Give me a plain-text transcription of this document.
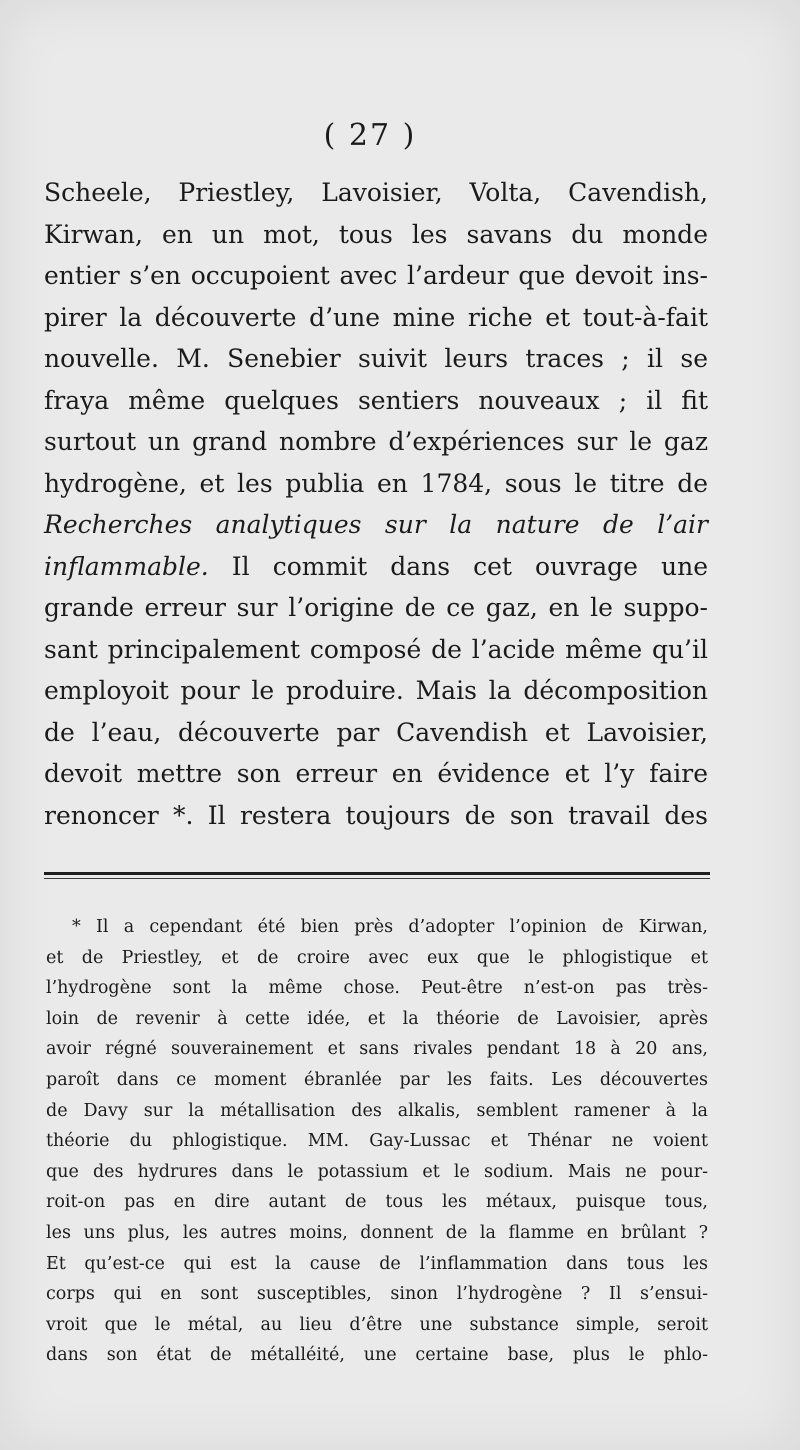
( 27 )
Scheele, Priestley, Lavoisier, Volta, Cavendish,
Kirwan, en un mot, tous les savans du monde
entier s’en occupoient avec l’ardeur que devoit ins-
pirer la découverte d’une mine riche et tout-à-fait
nouvelle. M. Senebier suivit leurs traces ; il se
fraya même quelques sentiers nouveaux ; il fit
surtout un grand nombre d’expériences sur le gaz
hydrogène, et les publia en 1784, sous le titre de
Recherches analytiques sur la nature de l’air
inflammable. Il commit dans cet ouvrage une
grande erreur sur l’origine de ce gaz, en le suppo-
sant principalement composé de l’acide même qu’il
employoit pour le produire. Mais la décomposition
de l’eau, découverte par Cavendish et Lavoisier,
devoit mettre son erreur en évidence et l’y faire
renoncer *. Il restera toujours de son travail des
* Il a cependant été bien près d’adopter l’opinion de Kirwan,
et de Priestley, et de croire avec eux que le phlogistique et
l’hydrogène sont la même chose. Peut-être n’est-on pas très-
loin de revenir à cette idée, et la théorie de Lavoisier, après
avoir régné souverainement et sans rivales pendant 18 à 20 ans,
paroît dans ce moment ébranlée par les faits. Les découvertes
de Davy sur la métallisation des alkalis, semblent ramener à la
théorie du phlogistique. MM. Gay-Lussac et Thénar ne voient
que des hydrures dans le potassium et le sodium. Mais ne pour-
roit-on pas en dire autant de tous les métaux, puisque tous,
les uns plus, les autres moins, donnent de la flamme en brûlant ?
Et qu’est-ce qui est la cause de l’inflammation dans tous les
corps qui en sont susceptibles, sinon l’hydrogène ? Il s’ensui-
vroit que le métal, au lieu d’être une substance simple, seroit
dans son état de métalléité, une certaine base, plus le phlo-
